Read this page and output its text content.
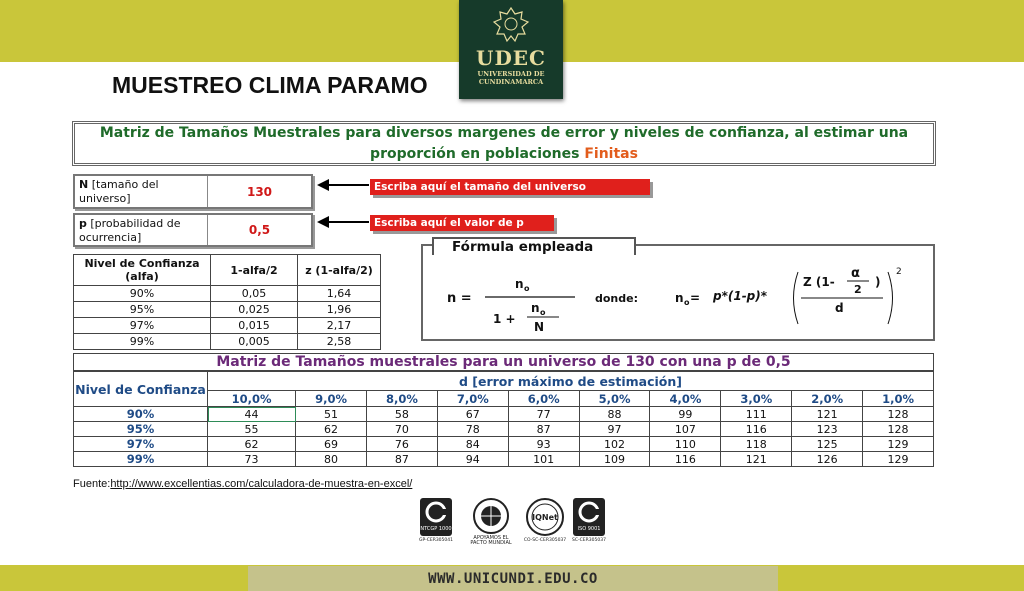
UDEC
UNIVERSIDAD DE
CUNDINAMARCA
MUESTREO CLIMA PARAMO
Matriz de Tamaños Muestrales para diversos margenes de error y niveles de confianza, al estimar una proporción en poblaciones Finitas
N [tamaño del universo]	130	Escriba aquí el tamaño del universo
p [probabilidad de ocurrencia]
0,5	Escriba aquí el valor de p
Nivel de Confianza (alfa)	1-alfa/2	z (1-alfa/2)
90%	0,05	1,64
95%	0,025	1,96
97%	0,015	2,17
99%	0,005	2,58
Fórmula empleada
n =
n o
1 +
n o
N
donde:	n o = p*(1-p)*
Z (1-
α
2
)
d
2
Matriz de Tamaños muestrales para un universo de 130 con una p de 0,5
Nivel de Confianza	d [error máximo de estimación]									
	10,0%	9,0%	8,0%	7,0%	6,0%	5,0%	4,0%	3,0%	2,0%	1,0%
90%	44	51	58	67	77	88	99	111	121	128
95%	55	62	70	78	87	97	107	116	123	128
97%	62	69	76	84	93	102	110	118	125	129
99%	73	80	87	94	101	109	116	121	126	129
Fuente:http://www.excellentias.com/calculadora-de-muestra-en-excel/
NTCGP 1000
GP-CER305041	APOYAMOS EL PACTO MUNDIAL
IQNet
CO-SC-CER305037
ISO 9001
SC-CER305037
WWW.UNICUNDI.EDU.CO
